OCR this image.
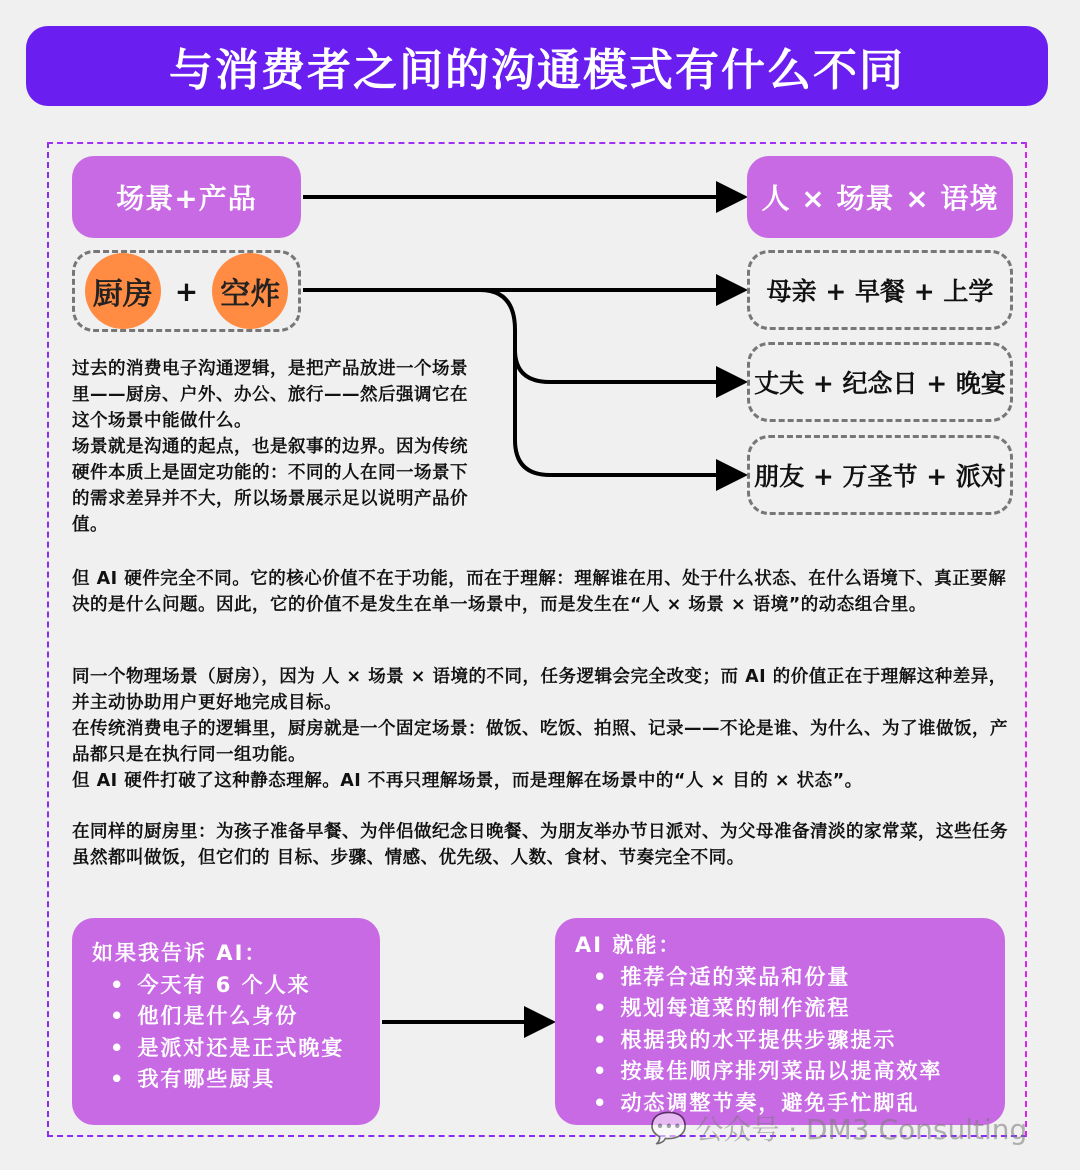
与消费者之间的沟通模式有什么不同
场景+产品	人 × 场景 × 语境
厨房 + 空炸	母亲 + 早餐 + 上学
丈夫 + 纪念日 + 晚宴
朋友 + 万圣节 + 派对

过去的消费电子沟通逻辑，是把产品放进一个场景里——厨房、户外、办公、旅行——然后强调它在这个场景中能做什么。

场景就是沟通的起点，也是叙事的边界。因为传统硬件本质上是固定功能的：不同的人在同一场景下的需求差异并不大，所以场景展示足以说明产品价值。

但 AI 硬件完全不同。它的核心价值不在于功能，而在于理解：理解谁在用、处于什么状态、在什么语境下、真正要解决的是什么问题。因此，它的价值不是发生在单一场景中，而是发生在“人 × 场景 × 语境”的动态组合里。

同一个物理场景（厨房），因为 人 × 场景 × 语境的不同，任务逻辑会完全改变；而 AI 的价值正在于理解这种差异，并主动协助用户更好地完成目标。

在传统消费电子的逻辑里，厨房就是一个固定场景：做饭、吃饭、拍照、记录——不论是谁、为什么、为了谁做饭，产品都只是在执行同一组功能。

但 AI 硬件打破了这种静态理解。AI 不再只理解场景，而是理解在场景中的“人 × 目的 × 状态”。

在同样的厨房里：为孩子准备早餐、为伴侣做纪念日晚餐、为朋友举办节日派对、为父母准备清淡的家常菜，这些任务虽然都叫做饭，但它们的 目标、步骤、情感、优先级、人数、食材、节奏完全不同。

如果我告诉 AI：
• 今天有 6 个人来
• 他们是什么身份
• 是派对还是正式晚宴
• 我有哪些厨具
AI 就能：
• 推荐合适的菜品和份量
• 规划每道菜的制作流程
• 根据我的水平提供步骤提示
• 按最佳顺序排列菜品以提高效率
• 动态调整节奏，避免手忙脚乱
💬 公众号 · DM3 Consulting
